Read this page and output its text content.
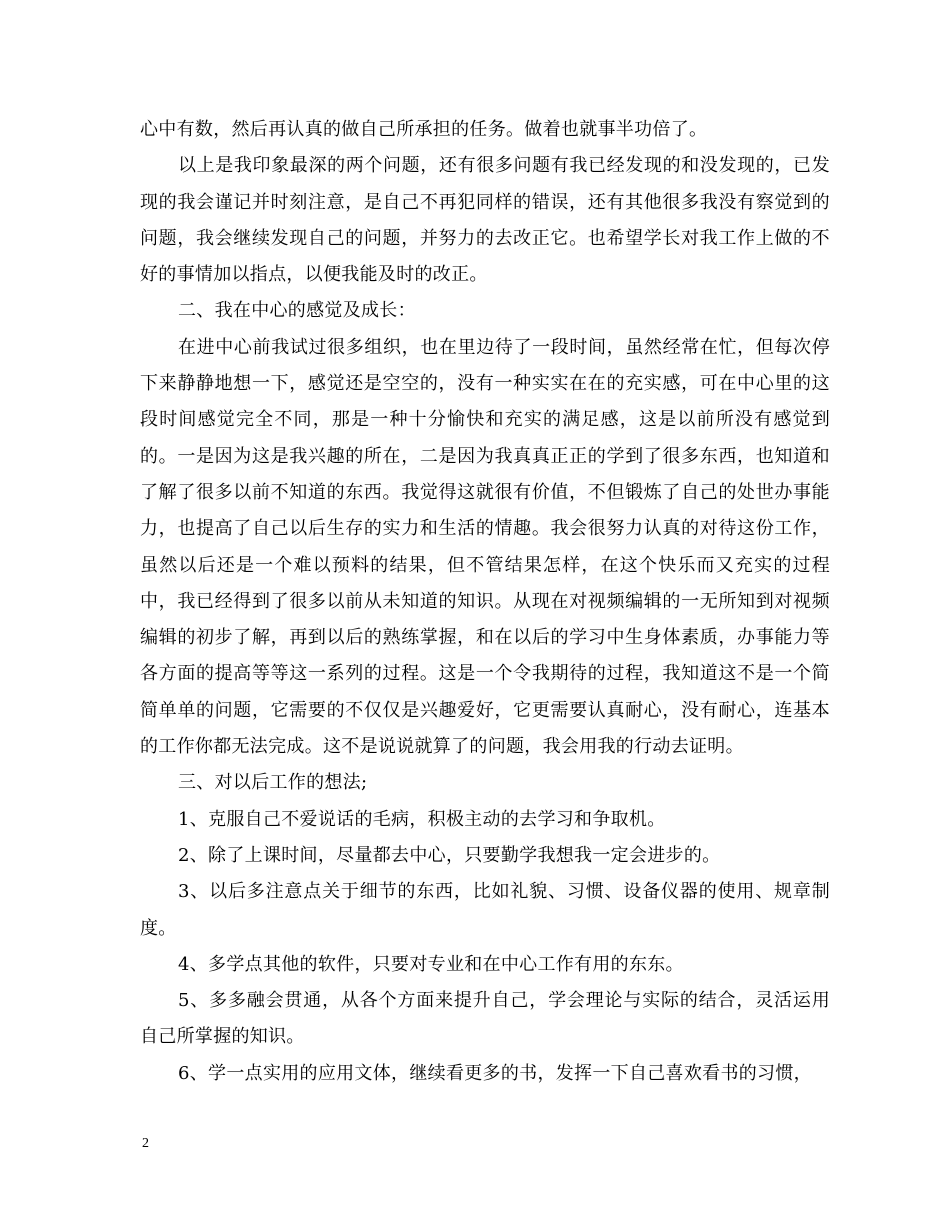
心中有数，然后再认真的做自己所承担的任务。做着也就事半功倍了。

以上是我印象最深的两个问题，还有很多问题有我已经发现的和没发现的，已发现的我会谨记并时刻注意，是自己不再犯同样的错误，还有其他很多我没有察觉到的问题，我会继续发现自己的问题，并努力的去改正它。也希望学长对我工作上做的不好的事情加以指点，以便我能及时的改正。

二、我在中心的感觉及成长：

在进中心前我试过很多组织，也在里边待了一段时间，虽然经常在忙，但每次停下来静静地想一下，感觉还是空空的，没有一种实实在在的充实感，可在中心里的这段时间感觉完全不同，那是一种十分愉快和充实的满足感，这是以前所没有感觉到的。一是因为这是我兴趣的所在，二是因为我真真正正的学到了很多东西，也知道和了解了很多以前不知道的东西。我觉得这就很有价值，不但锻炼了自己的处世办事能力，也提高了自己以后生存的实力和生活的情趣。我会很努力认真的对待这份工作，虽然以后还是一个难以预料的结果，但不管结果怎样，在这个快乐而又充实的过程中，我已经得到了很多以前从未知道的知识。从现在对视频编辑的一无所知到对视频编辑的初步了解，再到以后的熟练掌握，和在以后的学习中生身体素质，办事能力等各方面的提高等等这一系列的过程。这是一个令我期待的过程，我知道这不是一个简简单单的问题，它需要的不仅仅是兴趣爱好，它更需要认真耐心，没有耐心，连基本的工作你都无法完成。这不是说说就算了的问题，我会用我的行动去证明。

三、对以后工作的想法;

1、克服自己不爱说话的毛病，积极主动的去学习和争取机。

2、除了上课时间，尽量都去中心，只要勤学我想我一定会进步的。

3、以后多注意点关于细节的东西，比如礼貌、习惯、设备仪器的使用、规章制度。

4、多学点其他的软件，只要对专业和在中心工作有用的东东。

5、多多融会贯通，从各个方面来提升自己，学会理论与实际的结合，灵活运用自己所掌握的知识。

6、学一点实用的应用文体，继续看更多的书，发挥一下自己喜欢看书的习惯，

2
